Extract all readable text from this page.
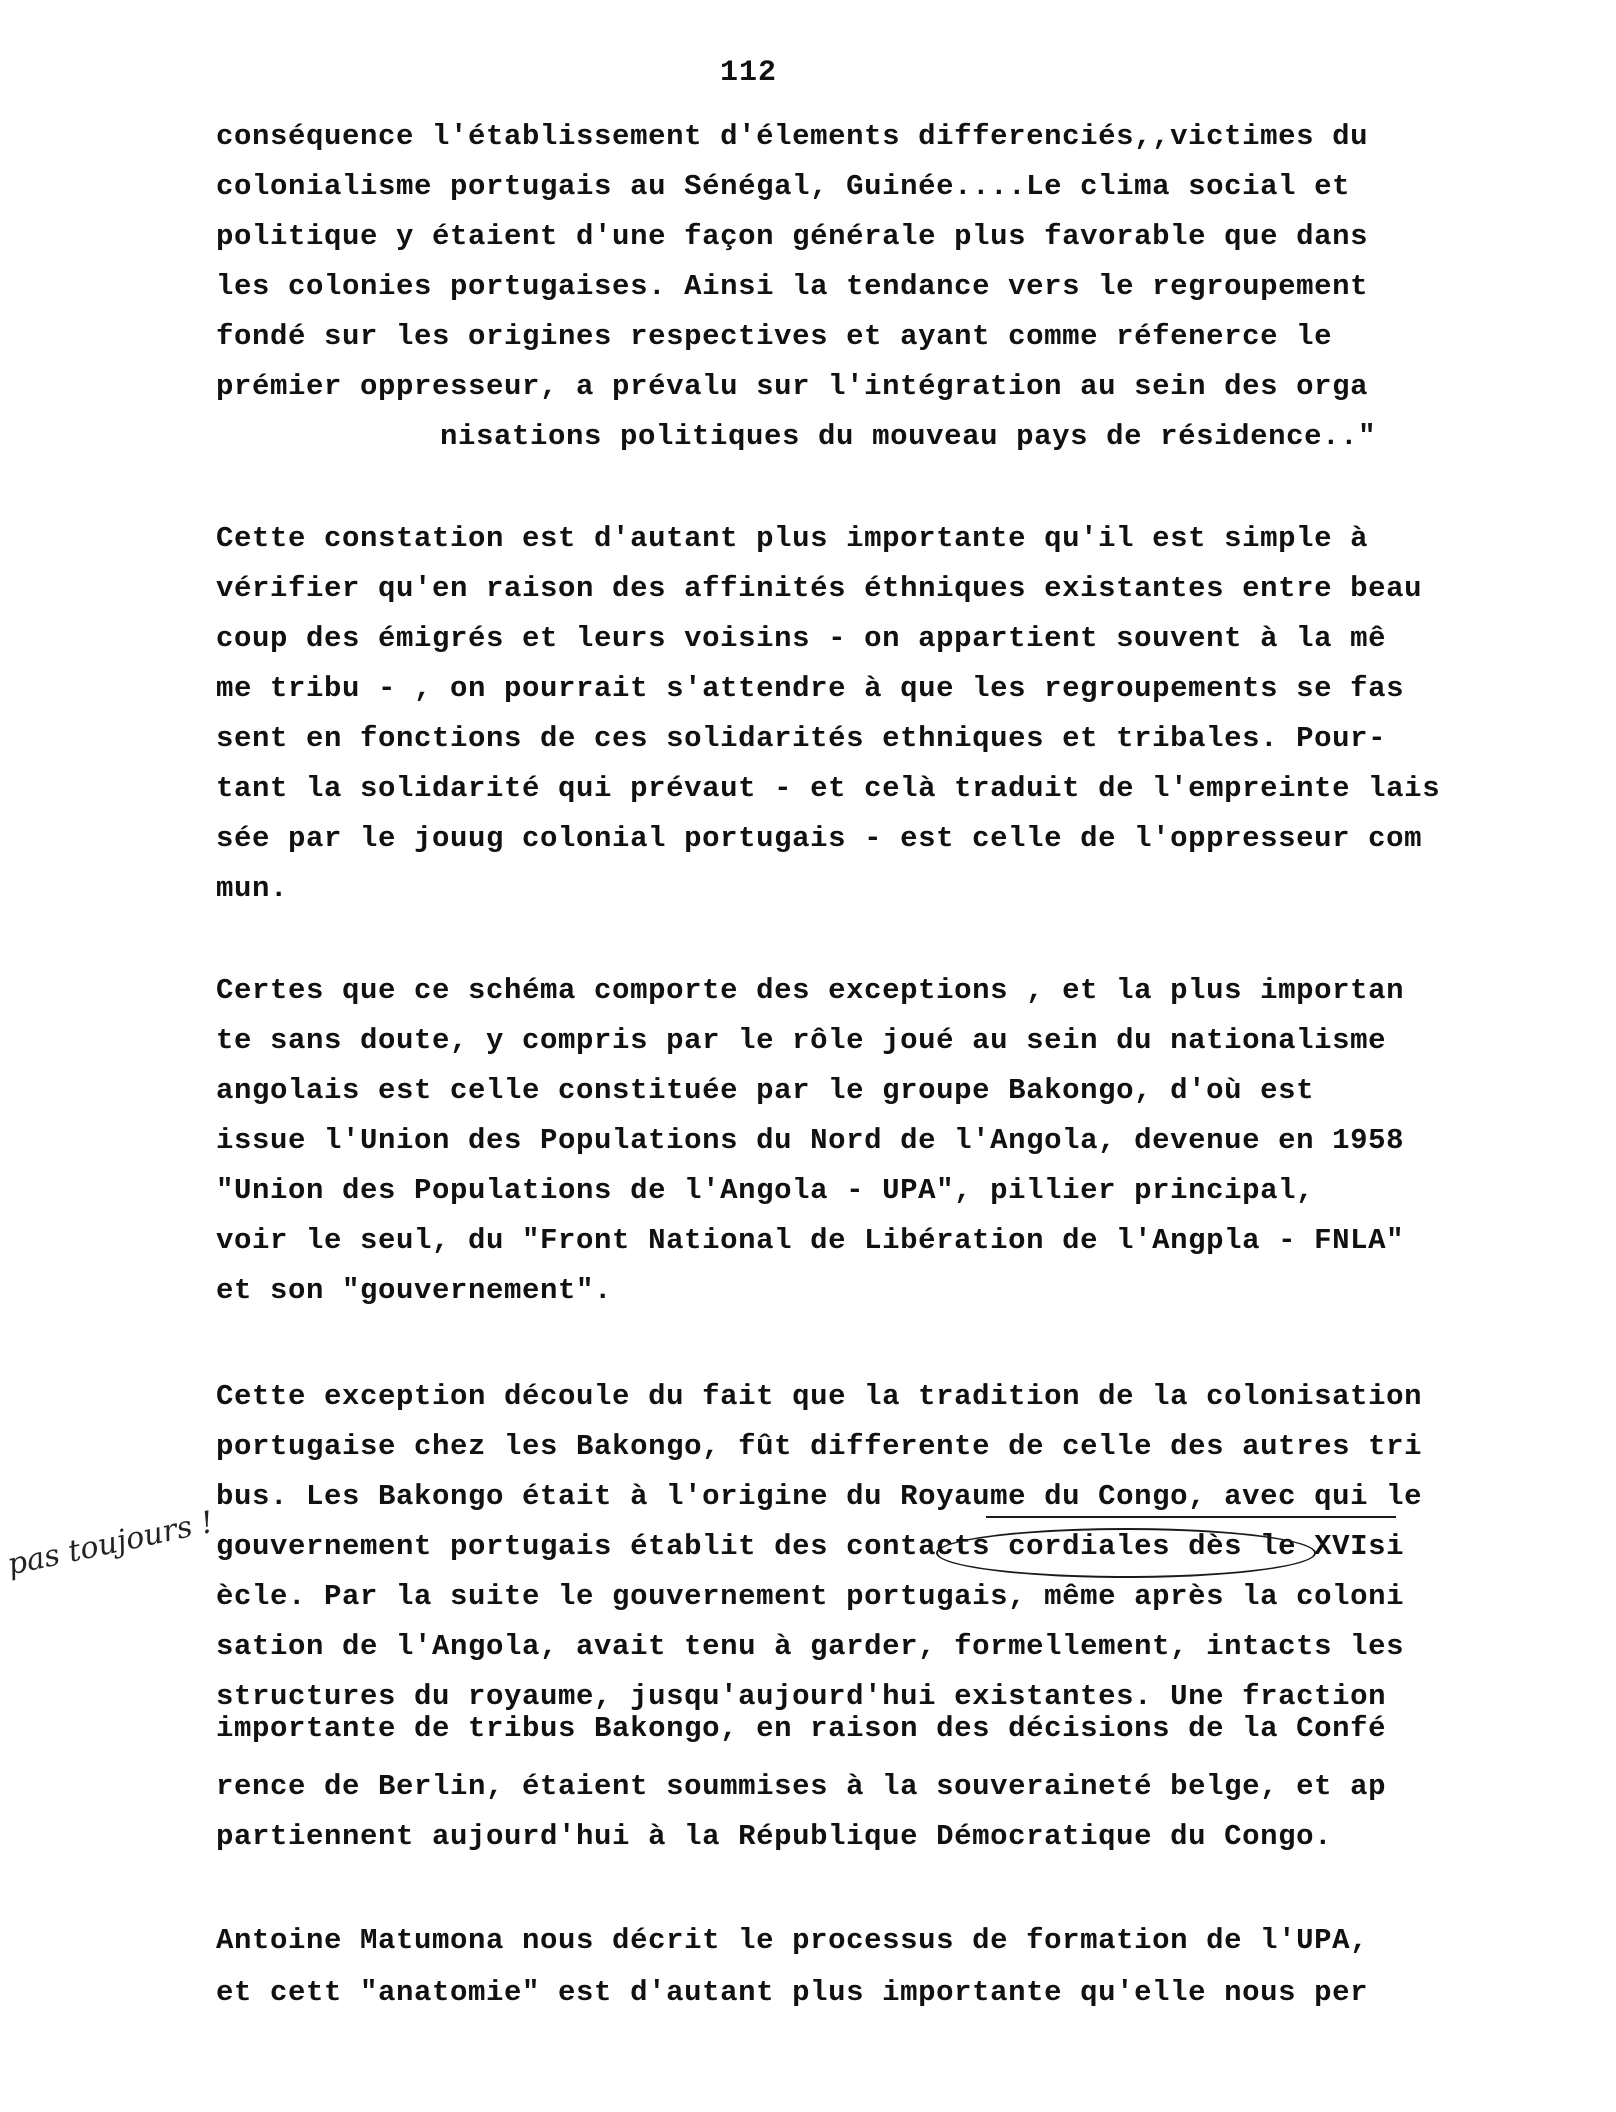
112

conséquence l'établissement d'élements differenciés,,victimes du

colonialisme portugais au Sénégal, Guinée....Le clima social et

politique y étaient d'une façon générale plus favorable que dans

les colonies portugaises. Ainsi la tendance vers le regroupement

fondé sur les origines respectives et ayant comme réfenerce le

prémier oppresseur, a prévalu sur l'intégration au sein des orga

nisations politiques du mouveau pays de résidence.."

Cette constation est d'autant plus importante qu'il est simple à

vérifier qu'en raison des affinités éthniques existantes entre beau

coup des émigrés et leurs voisins - on appartient souvent à la mê

me tribu - , on pourrait s'attendre à que les regroupements se fas

sent en fonctions de ces solidarités ethniques et tribales. Pour-

tant la solidarité qui prévaut - et celà traduit de l'empreinte lais

sée par le jouug colonial portugais - est celle de l'oppresseur com

mun.

Certes que ce schéma comporte des exceptions , et la plus importan

te sans doute, y compris par le rôle joué au sein du nationalisme

angolais est celle constituée par le groupe Bakongo, d'où est

issue l'Union des Populations du Nord de l'Angola, devenue en 1958

"Union des Populations de l'Angola - UPA", pillier principal,

voir le seul, du "Front National de Libération de l'Angpla - FNLA"

et son "gouvernement".

Cette exception découle du fait que la tradition de la colonisation

portugaise chez les Bakongo, fût differente de celle des autres tri

bus. Les Bakongo était à l'origine du Royaume du Congo, avec qui le

gouvernement portugais établit des contacts cordiales dès le XVIsi

ècle. Par la suite le gouvernement portugais, même après la coloni

sation de l'Angola, avait tenu à garder, formellement, intacts les

structures du royaume, jusqu'aujourd'hui existantes. Une fraction

importante de tribus Bakongo, en raison des décisions de la Confé

rence de Berlin, étaient soummises à la souveraineté belge, et ap

partiennent aujourd'hui à la République Démocratique du Congo.

Antoine Matumona nous décrit le processus de formation de l'UPA,

et cett "anatomie" est d'autant plus importante qu'elle nous per

pas toujours !
